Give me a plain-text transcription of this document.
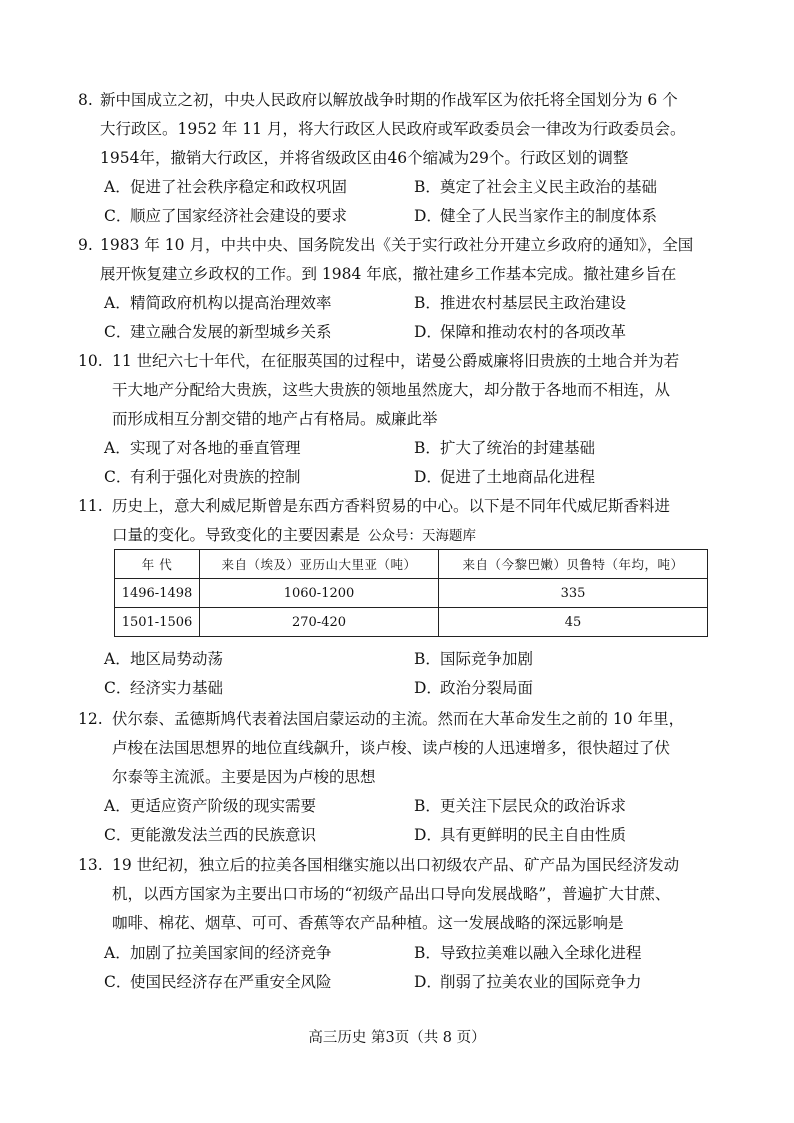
8. 新中国成立之初，中央人民政府以解放战争时期的作战军区为依托将全国划分为 6 个
大行政区。1952 年 11 月，将大行政区人民政府或军政委员会一律改为行政委员会。
1954年，撤销大行政区，并将省级政区由46个缩减为29个。行政区划的调整
A．促进了社会秩序稳定和政权巩固	B．奠定了社会主义民主政治的基础
C．顺应了国家经济社会建设的要求	D．健全了人民当家作主的制度体系
9. 1983 年 10 月，中共中央、国务院发出《关于实行政社分开建立乡政府的通知》，全国
展开恢复建立乡政权的工作。到 1984 年底，撤社建乡工作基本完成。撤社建乡旨在
A．精简政府机构以提高治理效率	B．推进农村基层民主政治建设
C．建立融合发展的新型城乡关系	D．保障和推动农村的各项改革
10. 11 世纪六七十年代，在征服英国的过程中，诺曼公爵威廉将旧贵族的土地合并为若
干大地产分配给大贵族，这些大贵族的领地虽然庞大，却分散于各地而不相连，从
而形成相互分割交错的地产占有格局。威廉此举
A．实现了对各地的垂直管理	B．扩大了统治的封建基础
C．有利于强化对贵族的控制	D．促进了土地商品化进程
11. 历史上，意大利威尼斯曾是东西方香料贸易的中心。以下是不同年代威尼斯香料进
口量的变化。导致变化的主要因素是 公众号：天海题库
年 代	来自（埃及）亚历山大里亚（吨）	来自（今黎巴嫩）贝鲁特（年均，吨）
1496-1498	1060-1200	335
1501-1506	270-420	45
A．地区局势动荡	B．国际竞争加剧
C．经济实力基础	D．政治分裂局面
12. 伏尔泰、孟德斯鸠代表着法国启蒙运动的主流。然而在大革命发生之前的 10 年里，
卢梭在法国思想界的地位直线飙升，谈卢梭、读卢梭的人迅速增多，很快超过了伏
尔泰等主流派。主要是因为卢梭的思想
A．更适应资产阶级的现实需要	B．更关注下层民众的政治诉求
C．更能激发法兰西的民族意识	D．具有更鲜明的民主自由性质
13. 19 世纪初，独立后的拉美各国相继实施以出口初级农产品、矿产品为国民经济发动
机，以西方国家为主要出口市场的“初级产品出口导向发展战略”，普遍扩大甘蔗、
咖啡、棉花、烟草、可可、香蕉等农产品种植。这一发展战略的深远影响是
A．加剧了拉美国家间的经济竞争	B．导致拉美难以融入全球化进程
C．使国民经济存在严重安全风险	D．削弱了拉美农业的国际竞争力
高三历史 第3页（共 8 页）
